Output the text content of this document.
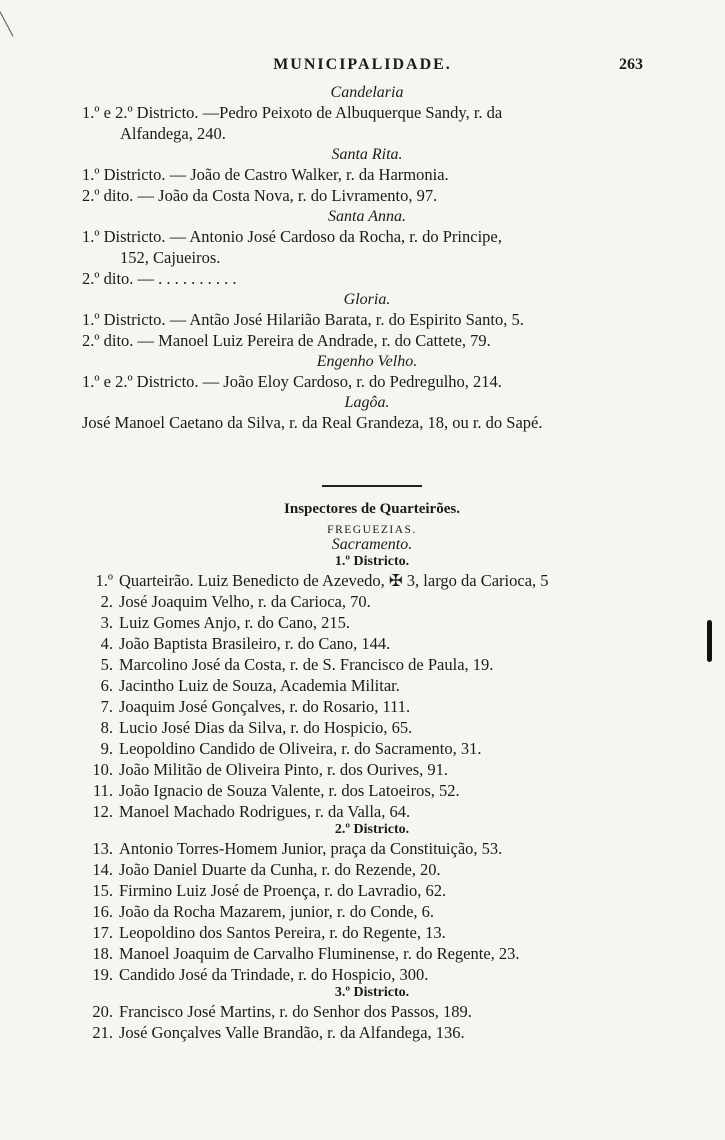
MUNICIPALIDADE.	263
Candelaria
1.º e 2.º Districto. —Pedro Peixoto de Albuquerque Sandy, r. da
Alfandega, 240.
Santa Rita.
1.º Districto. — João de Castro Walker, r. da Harmonia.
2.º dito. — João da Costa Nova, r. do Livramento, 97.
Santa Anna.
1.º Districto. — Antonio José Cardoso da Rocha, r. do Principe,
152, Cajueiros.
2.º dito. — . . . . . . . . . .
Gloria.
1.º Districto. — Antão José Hilarião Barata, r. do Espirito Santo, 5.
2.º dito. — Manoel Luiz Pereira de Andrade, r. do Cattete, 79.
Engenho Velho.
1.º e 2.º Districto. — João Eloy Cardoso, r. do Pedregulho, 214.
Lagôa.
José Manoel Caetano da Silva, r. da Real Grandeza, 18, ou r. do Sapé.
Inspectores de Quarteirões.
FREGUEZIAS.
Sacramento.
1.º Districto.
1.º Quarteirão. Luiz Benedicto de Azevedo, ✠ 3, largo da Carioca, 5
2. José Joaquim Velho, r. da Carioca, 70.
3. Luiz Gomes Anjo, r. do Cano, 215.
4. João Baptista Brasileiro, r. do Cano, 144.
5. Marcolino José da Costa, r. de S. Francisco de Paula, 19.
6. Jacintho Luiz de Souza, Academia Militar.
7. Joaquim José Gonçalves, r. do Rosario, 111.
8. Lucio José Dias da Silva, r. do Hospicio, 65.
9. Leopoldino Candido de Oliveira, r. do Sacramento, 31.
10. João Militão de Oliveira Pinto, r. dos Ourives, 91.
11. João Ignacio de Souza Valente, r. dos Latoeiros, 52.
12. Manoel Machado Rodrigues, r. da Valla, 64.
2.º Districto.
13. Antonio Torres-Homem Junior, praça da Constituição, 53.
14. João Daniel Duarte da Cunha, r. do Rezende, 20.
15. Firmino Luiz José de Proença, r. do Lavradio, 62.
16. João da Rocha Mazarem, junior, r. do Conde, 6.
17. Leopoldino dos Santos Pereira, r. do Regente, 13.
18. Manoel Joaquim de Carvalho Fluminense, r. do Regente, 23.
19. Candido José da Trindade, r. do Hospicio, 300.
3.º Districto.
20. Francisco José Martins, r. do Senhor dos Passos, 189.
21. José Gonçalves Valle Brandão, r. da Alfandega, 136.
